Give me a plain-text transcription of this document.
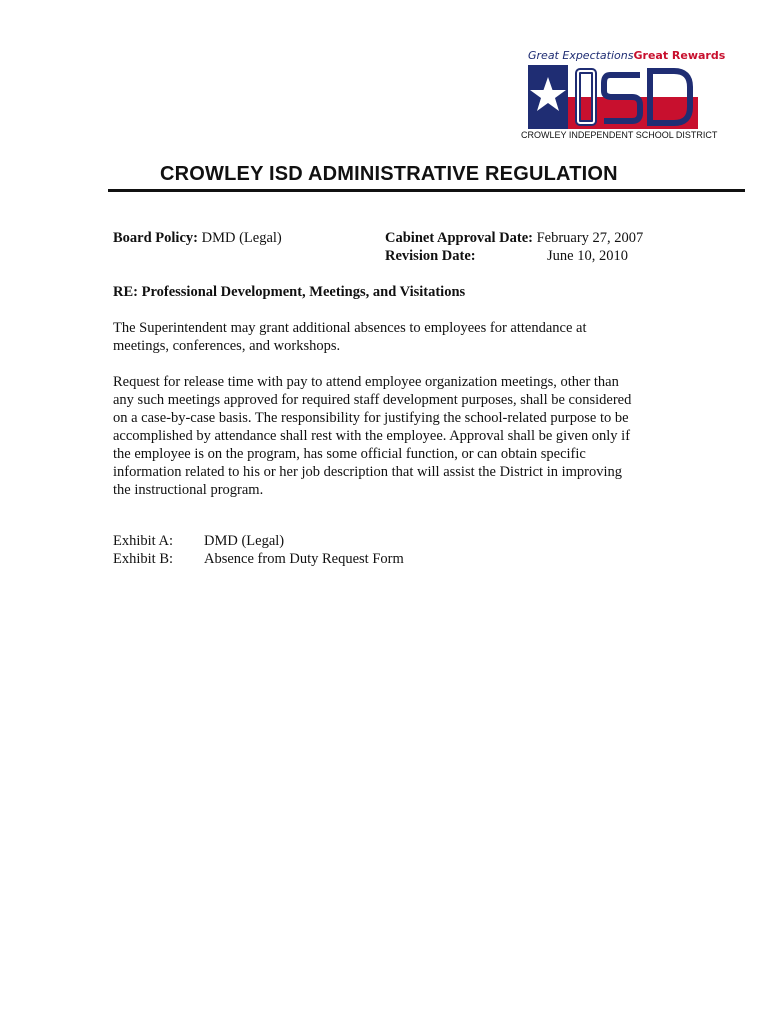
Great ExpectationsGreat Rewards
CROWLEY INDEPENDENT SCHOOL DISTRICT
CROWLEY ISD ADMINISTRATIVE REGULATION
Board Policy: DMD (Legal)	Cabinet Approval Date: February 27, 2007
Revision Date:	June 10, 2010
RE: Professional Development, Meetings, and Visitations

The Superintendent may grant additional absences to employees for attendance at
meetings, conferences, and workshops.

Request for release time with pay to attend employee organization meetings, other than
any such meetings approved for required staff development purposes, shall be considered
on a case-by-case basis. The responsibility for justifying the school-related purpose to be
accomplished by attendance shall rest with the employee. Approval shall be given only if
the employee is on the program, has some official function, or can obtain specific
information related to his or her job description that will assist the District in improving
the instructional program.

Exhibit A: DMD (Legal)
Exhibit B: Absence from Duty Request Form
